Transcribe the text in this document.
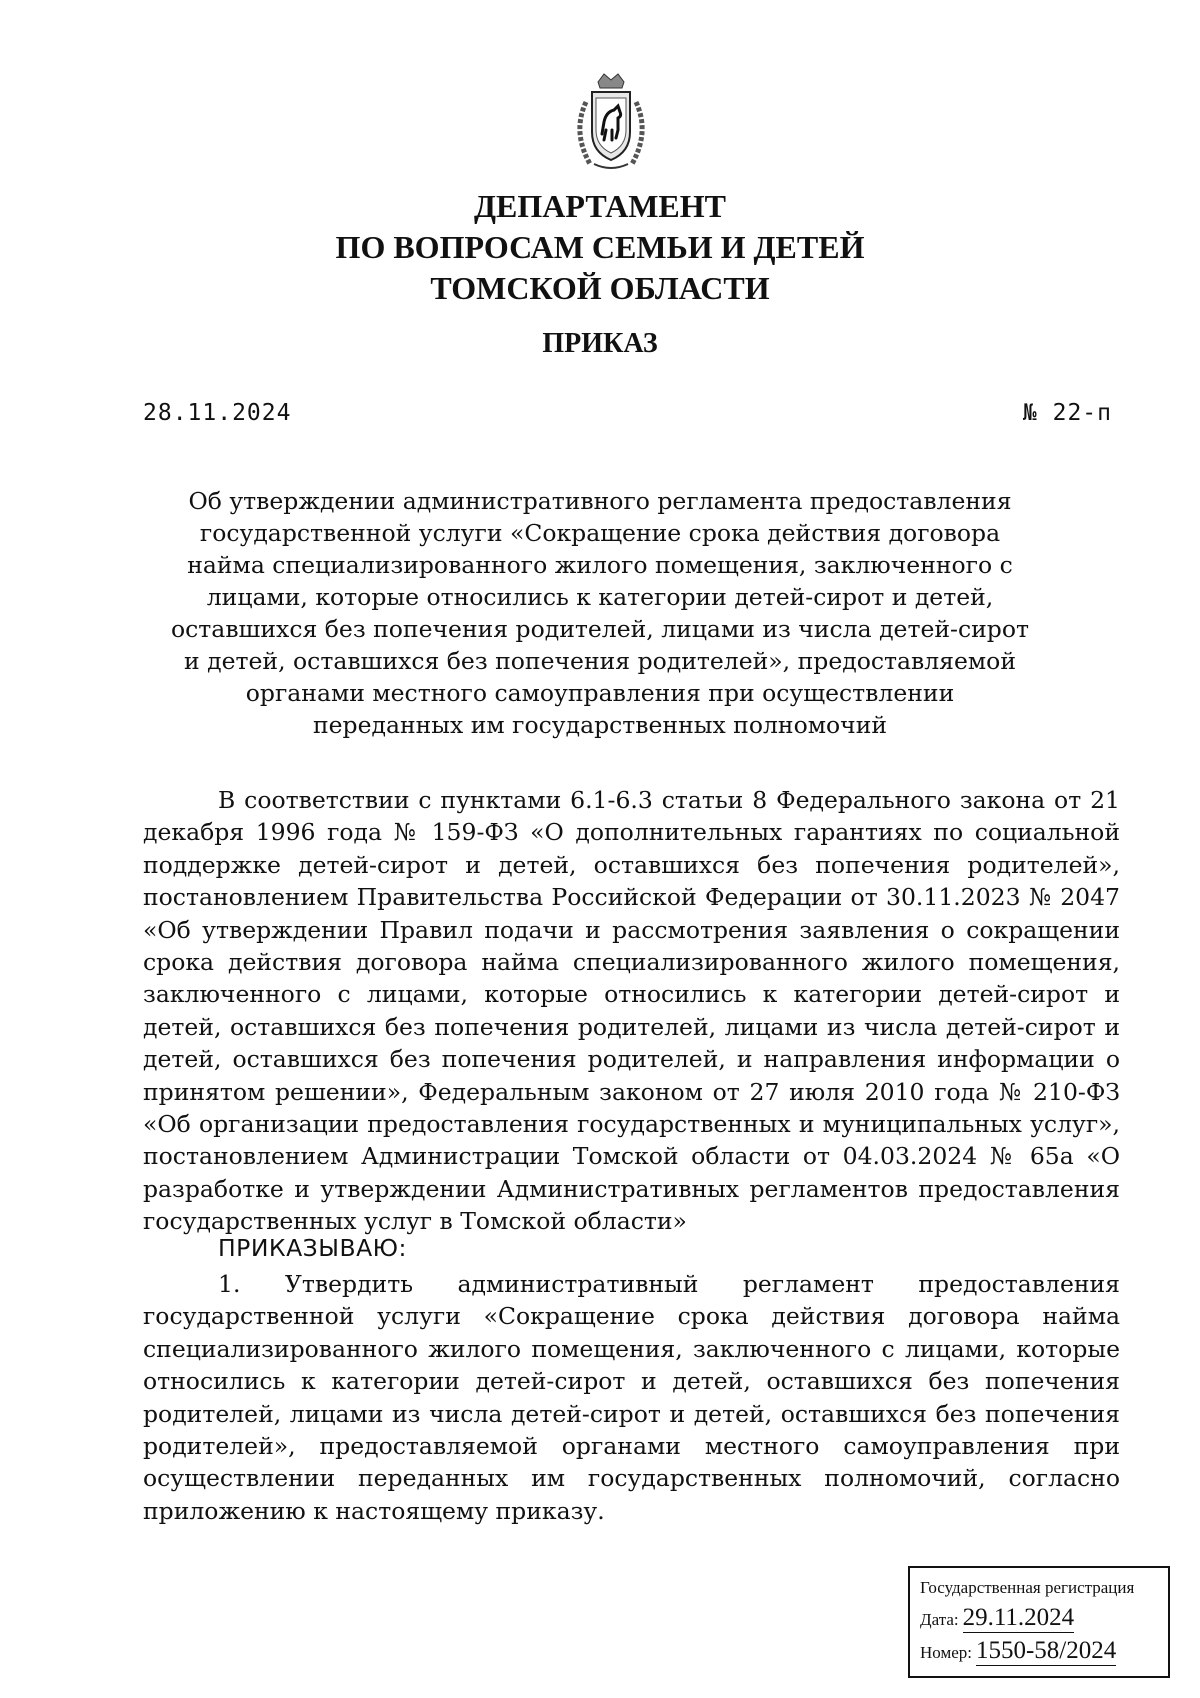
ДЕПАРТАМЕНТ
ПО ВОПРОСАМ СЕМЬИ И ДЕТЕЙ
ТОМСКОЙ ОБЛАСТИ
ПРИКАЗ
28.11.2024	№ 22-п
Об утверждении административного регламента предоставления государственной услуги «Сокращение срока действия договора найма специализированного жилого помещения, заключенного с лицами, которые относились к категории детей-сирот и детей, оставшихся без попечения родителей, лицами из числа детей-сирот и детей, оставшихся без попечения родителей», предоставляемой органами местного самоуправления при осуществлении переданных им государственных полномочий

В соответствии с пунктами 6.1-6.3 статьи 8 Федерального закона от 21 декабря 1996 года № 159-ФЗ «О дополнительных гарантиях по социальной поддержке детей-сирот и детей, оставшихся без попечения родителей», постановлением Правительства Российской Федерации от 30.11.2023 № 2047 «Об утверждении Правил подачи и рассмотрения заявления о сокращении срока действия договора найма специализированного жилого помещения, заключенного с лицами, которые относились к категории детей-сирот и детей, оставшихся без попечения родителей, лицами из числа детей-сирот и детей, оставшихся без попечения родителей, и направления информации о принятом решении», Федеральным законом от 27 июля 2010 года № 210-ФЗ «Об организации предоставления государственных и муниципальных услуг», постановлением Администрации Томской области от 04.03.2024 № 65а «О разработке и утверждении Административных регламентов предоставления государственных услуг в Томской области»

ПРИКАЗЫВАЮ:

1. Утвердить административный регламент предоставления государственной услуги «Сокращение срока действия договора найма специализированного жилого помещения, заключенного с лицами, которые относились к категории детей-сирот и детей, оставшихся без попечения родителей, лицами из числа детей-сирот и детей, оставшихся без попечения родителей», предоставляемой органами местного самоуправления при осуществлении переданных им государственных полномочий, согласно приложению к настоящему приказу.

Государственная регистрация
Дата: 29.11.2024
Номер: 1550-58/2024
